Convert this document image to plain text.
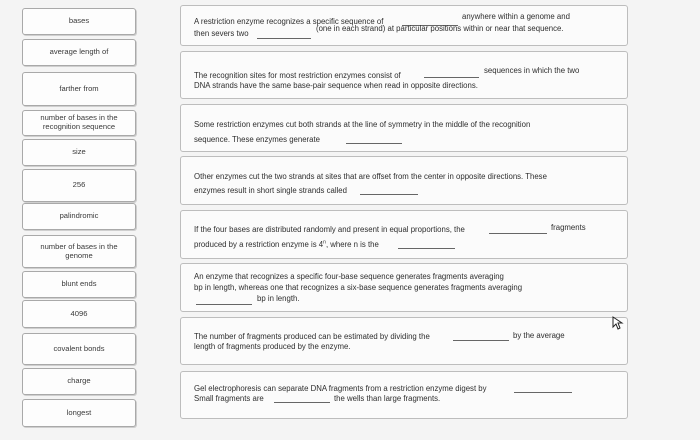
bases
average length of
farther from
number of bases in the recognition sequence
size
256
palindromic
number of bases in the genome
blunt ends
4096
covalent bonds
charge
longest
A restriction enzyme recognizes a specific sequence of
anywhere within a genome and
then severs two
(one in each strand) at particular positions within or near that sequence.
The recognition sites for most restriction enzymes consist of
sequences in which the two
DNA strands have the same base-pair sequence when read in opposite directions.
Some restriction enzymes cut both strands at the line of symmetry in the middle of the recognition
sequence. These enzymes generate
Other enzymes cut the two strands at sites that are offset from the center in opposite directions. These
enzymes result in short single strands called
If the four bases are distributed randomly and present in equal proportions, the	fragments
produced by a restriction enzyme is 4$^n$, where n is the
An enzyme that recognizes a specific four-base sequence generates fragments averaging
bp in length, whereas one that recognizes a six-base sequence generates fragments averaging
bp in length.
The number of fragments produced can be estimated by dividing the	by the average
length of fragments produced by the enzyme.
Gel electrophoresis can separate DNA fragments from a restriction enzyme digest by
Small fragments are	the wells than large fragments.
